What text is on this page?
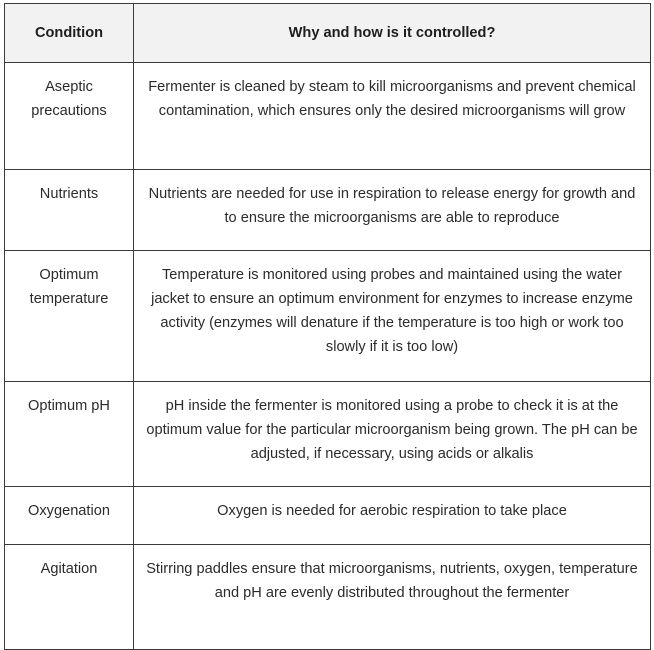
Condition	Why and how is it controlled?
Aseptic precautions	Fermenter is cleaned by steam to kill microorganisms and prevent chemical contamination, which ensures only the desired microorganisms will grow
Nutrients	Nutrients are needed for use in respiration to release energy for growth and to ensure the microorganisms are able to reproduce
Optimum temperature	Temperature is monitored using probes and maintained using the water jacket to ensure an optimum environment for enzymes to increase enzyme activity (enzymes will denature if the temperature is too high or work too slowly if it is too low)
Optimum pH	pH inside the fermenter is monitored using a probe to check it is at the optimum value for the particular microorganism being grown. The pH can be adjusted, if necessary, using acids or alkalis
Oxygenation	Oxygen is needed for aerobic respiration to take place
Agitation	Stirring paddles ensure that microorganisms, nutrients, oxygen, temperature and pH are evenly distributed throughout the fermenter
